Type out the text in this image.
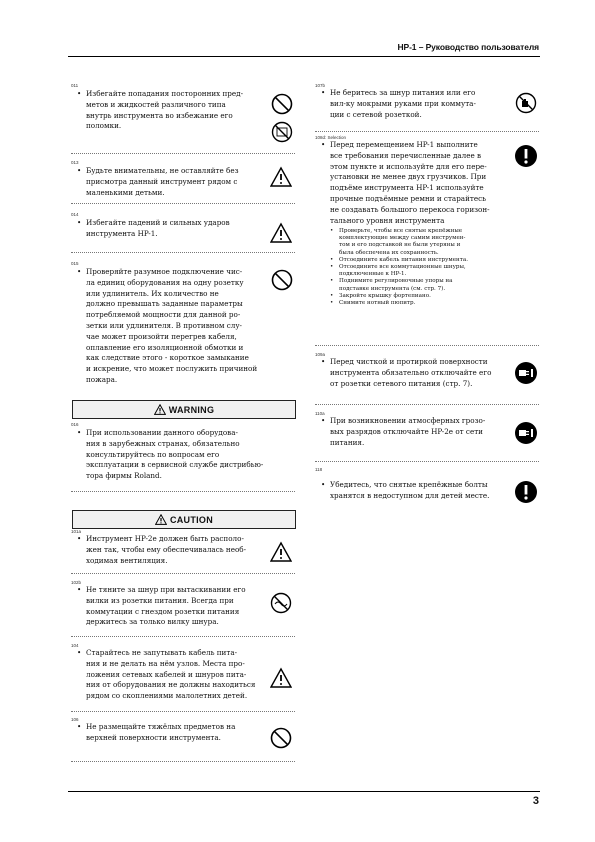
HP-1 – Руководство пользователя
011
• Избегайте попадания посторонних пред-
метов и жидкостей различного типа
внутрь инструмента во избежание его
поломки.
013
• Будьте внимательны, не оставляйте без
присмотра данный инструмент рядом с
маленькими детьми.
014
• Избегайте падений и сильных ударов
инструмента HP-1.
015
• Проверяйте разумное подключение чис-
ла единиц оборудования на одну розетку
или удлинитель. Их количество не
должно превышать заданные параметры
потребляемой мощности для данной ро-
зетки или удлинителя. В противном слу-
чае может произойти перегрев кабеля,
оплавление его изоляционной обмотки и
как следствие этого - короткое замыкание
и искрение, что может послужить причиной
пожара.
WARNING
016
• При использовании данного оборудова-
ния в зарубежных странах, обязательно
консультируйтесь по вопросам его
эксплуатации в сервисной службе дистрибью-
тора фирмы Roland.
CAUTION
101a
• Инструмент HP-2e должен быть располо-
жен так, чтобы ему обеспечивалась необ-
ходимая вентиляция.
102b
• Не тяните за шнур при вытаскивании его
вилки из розетки питания. Всегда при
коммутации с гнездом розетки питания
держитесь за только вилку шнура.
104
• Старайтесь не запутывать кабель пита-
ния и не делать на нём узлов. Места про-
ложения сетевых кабелей и шнуров пита-
ния от оборудования не должны находиться
рядом со скоплениями малолетних детей.
106
• Не размещайте тяжёлых предметов на
верхней поверхности инструмента.
107b
• Не беритесь за шнур питания или его
вил-ку мокрыми руками при коммута-
ции с сетевой розеткой.
108d: Selection
• Перед перемещением HP-1 выполните
все требования перечисленные далее в
этом пункте и используйте для его пере-
установки не менее двух грузчиков. При
подъёме инструмента HP-1 используйте
прочные подъёмные ремни и старайтесь
не создавать большого перекоса горизон-
тального уровня инструмента
•	Проверьте, чтобы все снятые крепёжные
комплектующие между самим инструмен-
том и его подставкой не были утеряны и
была обеспечена их сохранность.
•	Отсоедините кабель питания инструмента.
•	Отсоедините все коммутационные шнуры,
подключенные к HP-1.
•	Поднимите регулировочные упоры на
подставке инструмента (см. стр. 7).
•	Закройте крышку фортепиано.
•	Снимите нотный пюпитр.
109a
• Перед чисткой и протиркой поверхности
инструмента обязательно отключайте его
от розетки сетевого питания (стр. 7).
110a
• При возникновении атмосферных грозо-
вых разрядов отключайте HP-2e от сети
питания.
118
• Убедитесь, что снятые крепёжные болты
хранятся в недоступном для детей месте.
3
